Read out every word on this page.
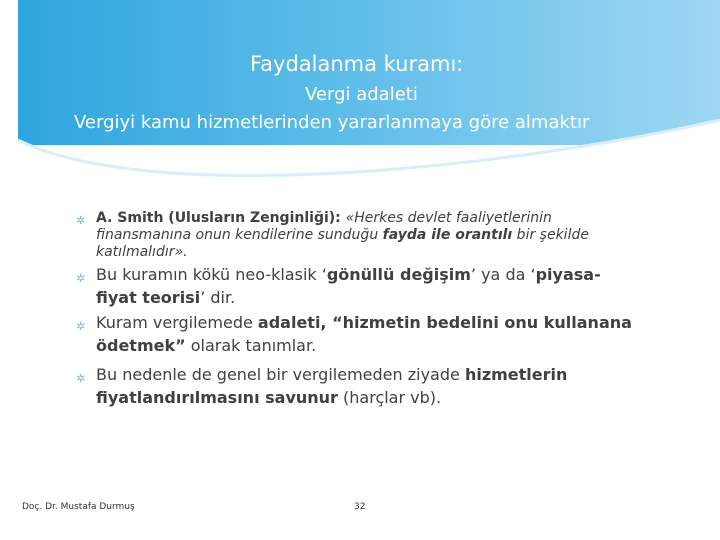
Faydalanma kuramı:
Vergi adaleti
Vergiyi kamu hizmetlerinden yararlanmaya göre almaktır
✲ A. Smith (Ulusların Zenginliği): «Herkes devlet faaliyetlerinin finansmanına onun kendilerine sunduğu fayda ile orantılı bir şekilde katılmalıdır».
✲ Bu kuramın kökü neo-klasik ‘gönüllü değişim’ ya da ‘piyasa-fiyat teorisi’ dir.
✲ Kuram vergilemede adaleti, “hizmetin bedelini onu kullanana ödetmek” olarak tanımlar.
✲ Bu nedenle de genel bir vergilemeden ziyade hizmetlerin fiyatlandırılmasını savunur (harçlar vb).
Doç. Dr. Mustafa Durmuş	32
